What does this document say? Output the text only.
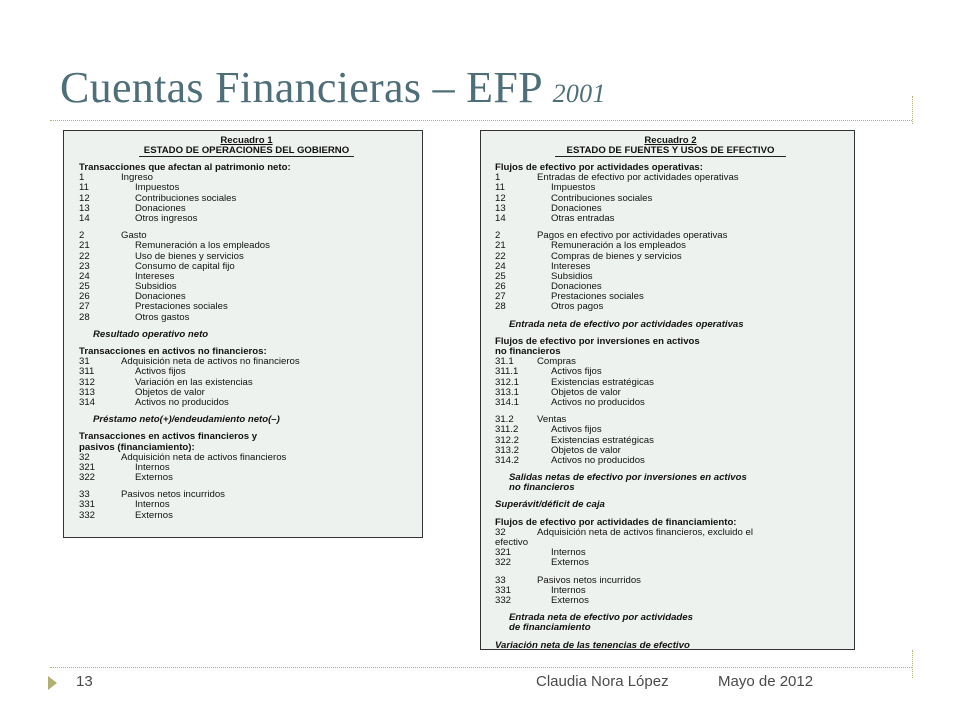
Cuentas Financieras – EFP 2001
Recuadro 1
ESTADO DE OPERACIONES DEL GOBIERNO
Transacciones que afectan al patrimonio neto:
1	Ingreso
11	Impuestos
12	Contribuciones sociales
13	Donaciones
14	Otros ingresos
2	Gasto
21	Remuneración a los empleados
22	Uso de bienes y servicios
23	Consumo de capital fijo
24	Intereses
25	Subsidios
26	Donaciones
27	Prestaciones sociales
28	Otros gastos
Resultado operativo neto
Transacciones en activos no financieros:
31	Adquisición neta de activos no financieros
311	Activos fijos
312	Variación en las existencias
313	Objetos de valor
314	Activos no producidos
Préstamo neto(+)/endeudamiento neto(–)
Transacciones en activos financieros y
pasivos (financiamiento):
32	Adquisición neta de activos financieros
321	Internos
322	Externos
33	Pasivos netos incurridos
331	Internos
332	Externos
Recuadro 2
ESTADO DE FUENTES Y USOS DE EFECTIVO
Flujos de efectivo por actividades operativas:
1	Entradas de efectivo por actividades operativas
11	Impuestos
12	Contribuciones sociales
13	Donaciones
14	Otras entradas
2	Pagos en efectivo por actividades operativas
21	Remuneración a los empleados
22	Compras de bienes y servicios
24	Intereses
25	Subsidios
26	Donaciones
27	Prestaciones sociales
28	Otros pagos
Entrada neta de efectivo por actividades operativas
Flujos de efectivo por inversiones en activos
no financieros
31.1 Compras
311.1	Activos fijos
312.1	Existencias estratégicas
313.1	Objetos de valor
314.1	Activos no producidos
31.2 Ventas
311.2	Activos fijos
312.2	Existencias estratégicas
313.2	Objetos de valor
314.2	Activos no producidos
Salidas netas de efectivo por inversiones en activos
no financieros
Superávit/déficit de caja
Flujos de efectivo por actividades de financiamiento:
32	Adquisición neta de activos financieros, excluido el
efectivo
321	Internos
322	Externos
33	Pasivos netos incurridos
331	Internos
332	Externos
Entrada neta de efectivo por actividades
de financiamiento
Variación neta de las tenencias de efectivo
13	Claudia Nora López	Mayo de 2012
